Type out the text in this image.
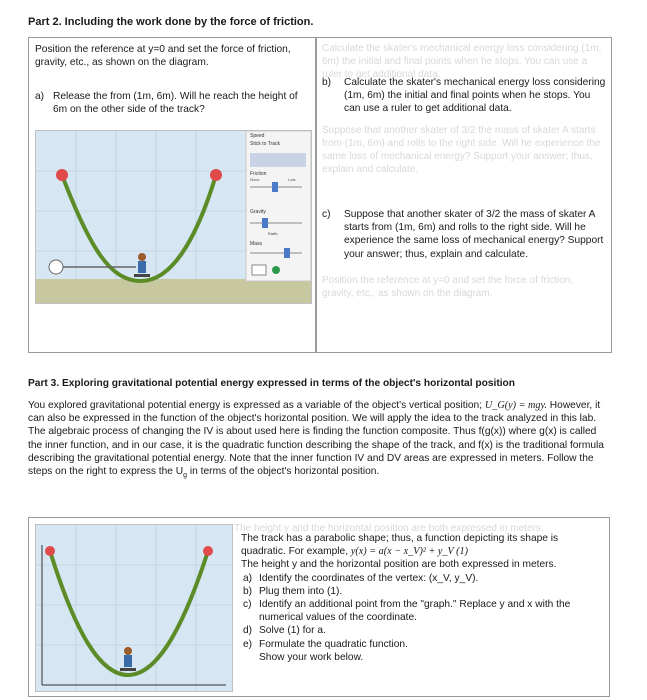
Part 2. Including the work done by the force of friction.
Position the reference at y=0 and set the force of friction, gravity, etc., as shown on the diagram.
a) Release the from (1m, 6m). Will he reach the height of 6m on the other side of the track?
Speed
Stick to Track
Friction
None	Lots
Gravity
Earth
Mass
Calculate the skater's mechanical energy loss considering (1m, 6m) the initial and final points when he stops. You can use a ruler to get additional data.
b)	Calculate the skater's mechanical energy loss considering (1m, 6m) the initial and final points when he stops. You can use a ruler to get additional data.
Suppose that another skater of 3/2 the mass of skater A starts from (1m, 6m) and rolls to the right side. Will he experience the same loss of mechanical energy? Support your answer; thus, explain and calculate.
c)	Suppose that another skater of 3/2 the mass of skater A starts from (1m, 6m) and rolls to the right side. Will he experience the same loss of mechanical energy? Support your answer; thus, explain and calculate.
Position the reference at y=0 and set the force of friction, gravity, etc., as shown on the diagram.
Part 3. Exploring gravitational potential energy expressed in terms of the object's horizontal position
You explored gravitational potential energy is expressed as a variable of the object's vertical position; U_G(y) = mgy. However, it can also be expressed in the function of the object's horizontal position. We will apply the idea to the track analyzed in this lab. The algebraic process of changing the IV is about used here is finding the function composite. Thus f(g(x)) where g(x) is called the inner function, and in our case, it is the quadratic function describing the shape of the track, and f(x) is the traditional formula describing the gravitational potential energy. Note that the inner function IV and DV areas are expressed in meters. Follow the steps on the right to express the $U_g$ in terms of the object's horizontal position.
The height y and the horizontal position are both expressed in meters.
The track has a parabolic shape; thus, a function depicting its shape is quadratic. For example, y(x) = a(x − x_V)² + y_V (1)
The height y and the horizontal position are both expressed in meters.
a) Identify the coordinates of the vertex: (x_V, y_V).
b) Plug them into (1).
c) Identify an additional point from the "graph." Replace y and x with the numerical values of the coordinate.
d) Solve (1) for a.
e) Formulate the quadratic function.
Show your work below.
